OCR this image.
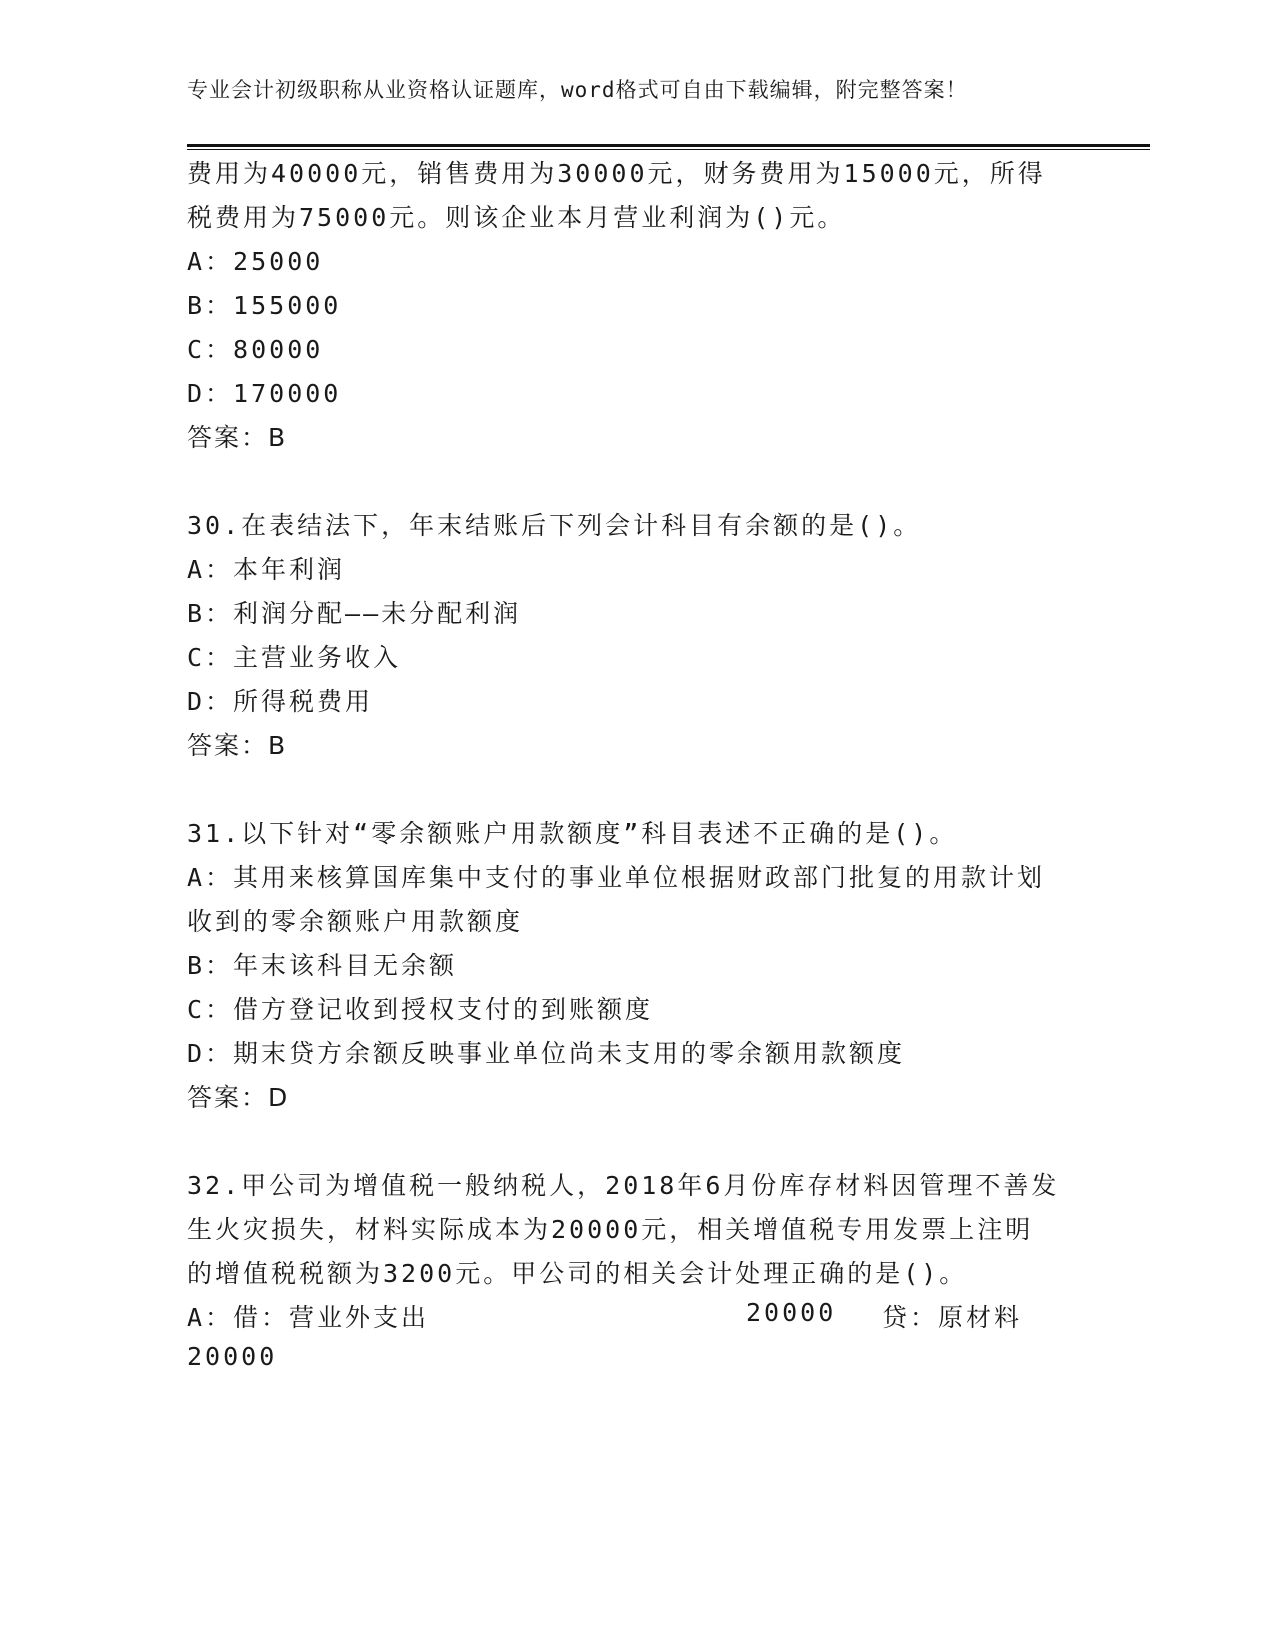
专业会计初级职称从业资格认证题库，word格式可自由下载编辑，附完整答案！
费用为40000元，销售费用为30000元，财务费用为15000元，所得
税费用为75000元。则该企业本月营业利润为()元。
A：25000
B：155000
C：80000
D：170000
答案：B
30.在表结法下，年末结账后下列会计科目有余额的是()。
A：本年利润
B：利润分配——未分配利润
C：主营业务收入
D：所得税费用
答案：B
31.以下针对“零余额账户用款额度”科目表述不正确的是()。
A：其用来核算国库集中支付的事业单位根据财政部门批复的用款计划
收到的零余额账户用款额度
B：年末该科目无余额
C：借方登记收到授权支付的到账额度
D：期末贷方余额反映事业单位尚未支用的零余额用款额度
答案：D
32.甲公司为增值税一般纳税人，2018年6月份库存材料因管理不善发
生火灾损失，材料实际成本为20000元，相关增值税专用发票上注明
的增值税税额为3200元。甲公司的相关会计处理正确的是()。
A：借：营业外支出	20000 贷：原材料
20000
